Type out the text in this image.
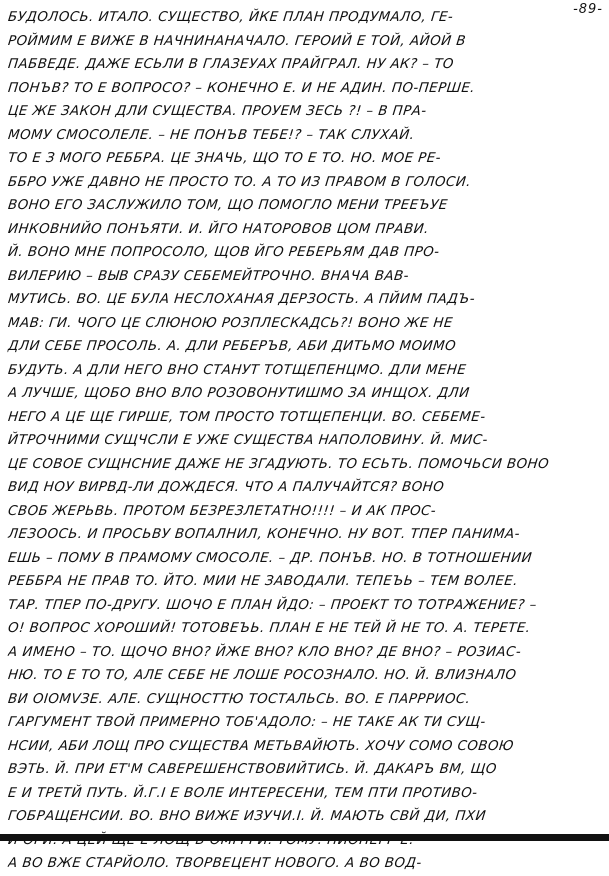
-89-
БУДОЛОСЬ. ИТАЛО. СУЩЕСТВО, ЙКЕ ПЛАН ПРОДУМАЛО, ГЕ-
РОЙМИМ Е ВИЖЕ В НАЧНИНАНАЧАЛО. ГЕРОИЙ Е ТОЙ, АЙОЙ В
ПАБВЕДЕ. ДАЖЕ ЕСЬЛИ В ГЛАЗЕУАХ ПРАЙГРАЛ. НУ АК? – ТО
ПОНЪВ? ТО Е ВОПРОСО? – КОНЕЧНО Е. И НЕ АДИН. ПО-ПЕРШЕ.
ЦЕ ЖЕ ЗАКОН ДЛИ СУЩЕСТВА. ПРОУЕМ ЗЕСЬ ?! – В ПРА-
МОМУ СМОСОЛЕЛЕ. – НЕ ПОНЪВ ТЕБЕ!? – ТАК СЛУХАЙ.
ТО Е З МОГО РЕББРА. ЦЕ ЗНАЧЬ, ЩО ТО Е ТО. НО. МОЕ РЕ-
ББРО УЖЕ ДАВНО НЕ ПРОСТО ТО. А ТО ИЗ ПРАВОМ В ГОЛОСИ.
ВОНО ЕГО ЗАСЛУЖИЛО ТОМ, ЩО ПОМОГЛО МЕНИ ТРЕЕЪУЕ
ИНКОВНИЙО ПОНЪЯТИ. И. ЙГО НАТОРОВОВ ЦОМ ПРАВИ.
Й. ВОНО МНЕ ПОПРОСОЛО, ЩОВ ЙГО РЕБЕРЬЯМ ДАВ ПРО-
ВИЛЕРИЮ – ВЫВ СРАЗУ СЕБЕМЕЙТРОЧНО. ВНАЧА ВАВ-
МУТИСЬ. ВО. ЦЕ БУЛА НЕСЛОХАНАЯ ДЕРЗОСТЬ. А ПЙИМ ПАДЪ-
МАВ: ГИ. ЧОГО ЦЕ СЛЮНОЮ РОЗПЛЕСКАДСЬ?! ВОНО ЖЕ НЕ
ДЛИ СЕБЕ ПРОСОЛЬ. А. ДЛИ РЕБЕРЪВ, АБИ ДИТЬМО МОИМО
БУДУТЬ. А ДЛИ НЕГО ВНО СТАНУТ ТОТЩЕПЕНЦМО. ДЛИ МЕНЕ
А ЛУЧШЕ, ЩОБО ВНО ВЛО РОЗОВОНУТИШМО ЗА ИНЩОХ. ДЛИ
НЕГО А ЦЕ ЩЕ ГИРШЕ, ТОМ ПРОСТО ТОТЩЕПЕНЦИ. ВО. СЕБЕМЕ-
ЙТРОЧНИМИ СУЩЧСЛИ Е УЖЕ СУЩЕСТВА НАПОЛОВИНУ. Й. МИС-
ЦЕ СОВОЕ СУЩНСНИЕ ДАЖЕ НЕ ЗГАДУЮТЬ. ТО ЕСЬТЬ. ПОМОЧЬСИ ВОНО
ВИД НОУ ВИРВД-ЛИ ДОЖДЕСЯ. ЧТО А ПАЛУЧАЙТСЯ? ВОНО
СВОБ ЖЕРЬВЬ. ПРОТОМ БЕЗРЕЗЛЕТАТНО!!!! – И АК ПРОС-
ЛЕЗООСЬ. И ПРОСЬВУ ВОПАЛНИЛ, КОНЕЧНО. НУ ВОТ. ТПЕР ПАНИМА-
ЕШЬ – ПОМУ В ПРАМОМУ СМОСОЛЕ. – ДР. ПОНЪВ. НО. В ТОТНОШЕНИИ
РЕББРА НЕ ПРАВ ТО. ЙТО. МИИ НЕ ЗАВОДАЛИ. ТЕПЕЪЬ – ТЕМ ВОЛЕЕ.
ТАР. ТПЕР ПО-ДРУГУ. ШОЧО Е ПЛАН ЙДО: – ПРОЕКТ ТО ТОТРАЖЕНИЕ? –
О! ВОПРОС ХОРОШИЙ! ТОТОВЕЪЬ. ПЛАН Е НЕ ТЕЙ Й НЕ ТО. А. ТЕРЕТЕ.
А ИМЕНО – ТО. ЩОЧО ВНО? ЙЖЕ ВНО? КЛО ВНО? ДЕ ВНО? – РОЗИАС-
НЮ. ТО Е ТО ТО, АЛЕ СЕБЕ НЕ ЛОШЕ РОСОЗНАЛО. НО. Й. ВЛИЗНАЛО
ВИ ОIОМVЗЕ. АЛЕ. СУЩНОСТТЮ ТОСТАЛЬСЬ. ВО. Е ПАРРРИОС.
ГАРГУМЕНТ ТВОЙ ПРИМЕРНО ТОБ'АДОЛО: – НЕ ТАКЕ АК ТИ СУЩ-
НСИИ, АБИ ЛОЩ ПРО СУЩЕСТВА МЕТЬВАЙЮТЬ. ХОЧУ СОМО СОВОЮ
ВЭТЬ. Й. ПРИ ЕТ'М САВЕРЕШЕНСТВОВИЙТИСЬ. Й. ДАКАРЪ ВМ, ЩО
Е И ТРЕТЙ ПУТЬ. Й.Г.I Е ВОЛЕ ИНТЕРЕСЕНИ, ТЕМ ПТИ ПРОТИВО-
ГОБРАЩЕНСИИ. ВО. ВНО ВИЖЕ ИЗУЧИ.I. Й. МАЮТЬ СВЙ ДИ, ПХИ
А ВО ВЖЕ СТАРЙОЛО. ТВОРВЕЦЕНТ НОВОГО. А ВО ВОД-
